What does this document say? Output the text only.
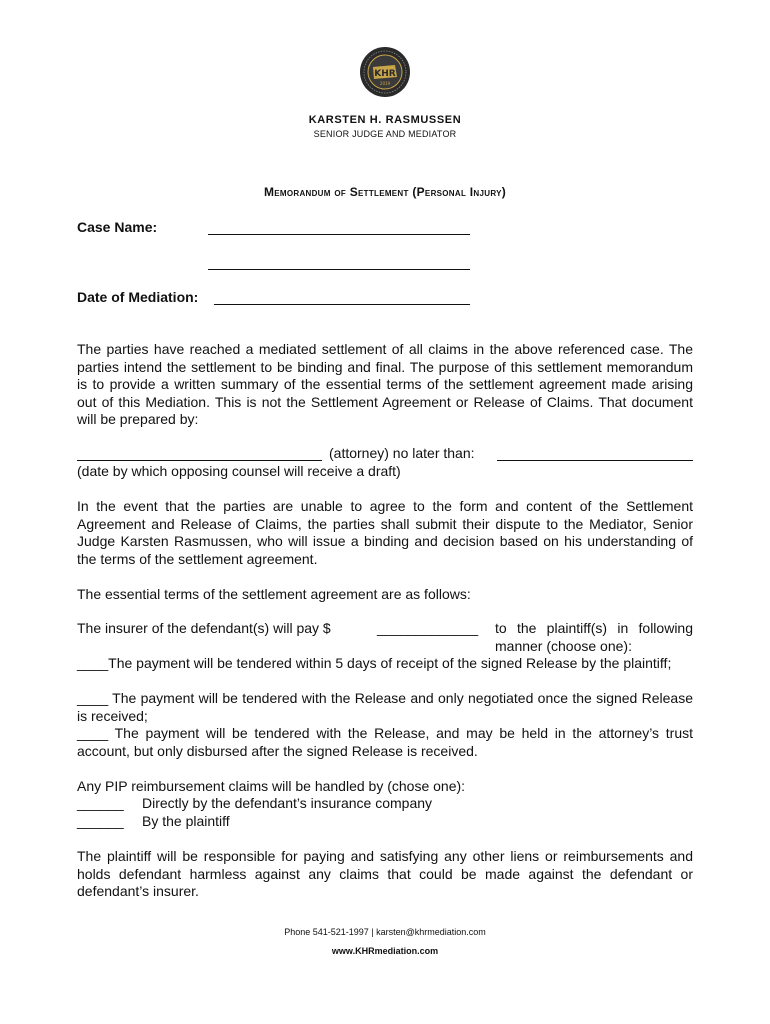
KHR
2019
KARSTEN H. RASMUSSEN
SENIOR JUDGE AND MEDIATOR
Memorandum of Settlement (Personal Injury)
Case Name:
Date of Mediation:
The parties have reached a mediated settlement of all claims in the above referenced case. The parties intend the settlement to be binding and final. The purpose of this settlement memorandum is to provide a written summary of the essential terms of the settlement agreement made arising out of this Mediation. This is not the Settlement Agreement or Release of Claims. That document will be prepared by:
(attorney) no later than:
(date by which opposing counsel will receive a draft)
In the event that the parties are unable to agree to the form and content of the Settlement Agreement and Release of Claims, the parties shall submit their dispute to the Mediator, Senior Judge Karsten Rasmussen, who will issue a binding and decision based on his understanding of the terms of the settlement agreement.
The essential terms of the settlement agreement are as follows:
The insurer of the defendant(s) will pay $	_____________	to the plaintiff(s) in following manner (choose one):
____The payment will be tendered within 5 days of receipt of the signed Release by the plaintiff;
____ The payment will be tendered with the Release and only negotiated once the signed Release is received;
____ The payment will be tendered with the Release, and may be held in the attorney’s trust account, but only disbursed after the signed Release is received.
Any PIP reimbursement claims will be handled by (chose one):
______	Directly by the defendant’s insurance company
______	By the plaintiff
The plaintiff will be responsible for paying and satisfying any other liens or reimbursements and holds defendant harmless against any claims that could be made against the defendant or defendant’s insurer.
Phone 541-521-1997 | karsten@khrmediation.com
www.KHRmediation.com
